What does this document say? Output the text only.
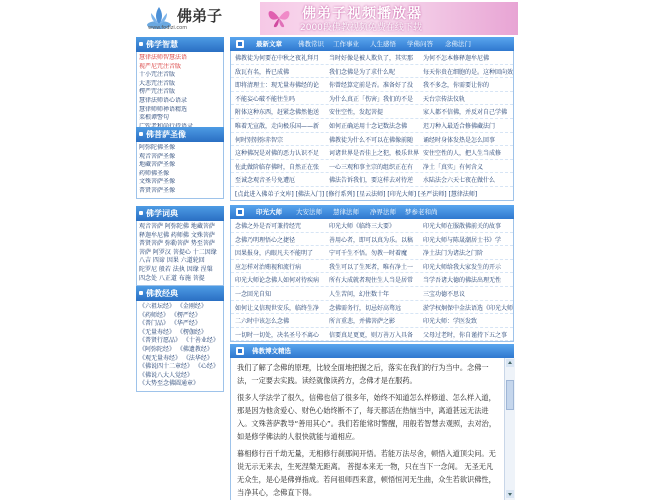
佛弟子
www.fodizi.com
佛弟子视频播放器
2000段佛教视频免费在线下载
佛学智慧
慧律法师智慧法语
视严尼咒注音版
十小咒注音版
大悲咒注音版
楞严咒注音版
慧律法师语心语录
慧律师师禅语精选
菜根谭警句
佛菩萨圣像
阿弥陀佛圣像
观音菩萨圣像
地藏菩萨圣像
药师佛圣像
文殊菩萨圣像
普贤菩萨圣像
佛学词典
观音菩萨 阿弥陀佛 地藏菩萨
释迦牟尼佛 药师佛 文殊菩萨
普贤菩萨 弥勒菩萨 势至菩萨
菩萨 阿罗汉 菩提心 十二因缘
八吉 四谛 因果 六道轮回
陀罗尼 般若 法执 因缘 涅槃
四念处 八正道 布施 菩提
佛教经典
《六祖坛经》 《金刚经》
《药师经》 《楞严经》
《普门品》 《华严经》
《无量寿经》 《楞伽经》
《普贤行愿品》 《十善业经》
《阿弥陀经》 《佛遗教经》
《观无量寿经》 《法华经》
《佛说四十二章经》 《心经》
《佛说八大人觉经》
《大势至念佛圆通章》
最新文章 佛教常识 工作事业 人生感悟 学佛问答 念佛法门
佛教徒为何要在中秋之夜礼拜月	当时好像是被人欺负了，其实那	为何不怎本修释迦牟尼佛
敌瓦有名，皆已成佛	我们念佛是为了求什么呢	每天你贵在细胞的是。这种回向效
即将清理士：现无量寿佛经的论	你曾经算定前是否。准备好了没	我不多念，你需要让你的
不能妄心破不能往生吗	为什么真正「伤害」我们的不是	天台宗传法仪轨
附体这种东西，赶紧念佛然他送	安住空性，发起菩提	家人都不信佛，并反对自己学佛
唯着无宣散，走向极乐国——新	如何正确运用十念记数法念佛	迟刀种入最适合修佛藏法门
何时别别弥赤智宗	佛教徒为什么不可以在佛像前随	诵经时身体发热是怎么回事
这种佛况是对佛的恶力认识不足	诃诸世界是否佳上之犯，极乐世界 安住空性的人，把人生当成修
佐此做阶临存佛时，自然正在张	一心三观和事主宗的组织正在有	净土「真实」有何含义
至诚念观音圣号免遭厄	佛法告诉我们，要这样去对待逆	水陆法会六天七夜在做什么
[点此进入佛弟子文库] [佛法入门] [修行系列] [星云法师] [印光大师] [圣严法师] [慧律法师]
印光大师 大安法师 慧律法师 净界法师 梦参老和尚
念佛之外是否可兼持经咒	印光大师《临终三大要》	印光大师在服散佛前关的故事
念佛乃明理悟心之捷径	善用心者，即可以真为乐。以稿	印光大师与陈晟潮居士书》学
因果报身，内眼凡夫不能明了	宁可千生不悟。勿教一时着魔	净土法门为诸法之门阶
应怎样对治贿视和流行病	我生可以了生死者，唯有净土一	印光大师给我大家发生的开示
印光大师论念佛人如何对待疾病	所有大成就者现住生人当是居常	当学吾诸大德的佛法出理无性
一念回光自知	人生苦问，幻住数十年	三宝功德不思议
如何让义信现世安乐，临终生净	念佛需务行，切忌好高骛远	淤学权炯保中金法语选《印光大师
二六时中该怎么念佛	所言重悲，并佛菩萨之影	印光大师：学医发致
一切时一切处，决名圣号不离心	信要真足更更，则万善万入具备	父母过老时，你自谨持下五之事
佛教博文精选

我们了解了念佛的原理，比较全面地把握之后，落实在我们的行为当中。念佛一法，一定要去实践。读经就像读药方，念佛才是在服药。

很多人学法学了很久，信佛也信了很多年，始终不知道怎么样修道、怎么样入道，那是因为他贪爱心、财色心始终断不了，每天都活在热恼当中，离道甚远无法进入。文殊菩萨教导“善用其心”。我们若能常时警醒，用般若智慧去观照，去对治，如是修学佛法的人很快就能与道相应。

暮相修行百千劫无量，无相修行刹那间开悟。若能万法尽舍，顿悟入道顶尖问。无说无示无来去，生死涅槃无距离。 菩提本来无一物，只在当下一念间。 无圣无凡无众生，是心是佛弹指成。若问祖师西来意，顿悟恒河无生曲，众生若欲识佛性，当净其心，念佛直下得。
